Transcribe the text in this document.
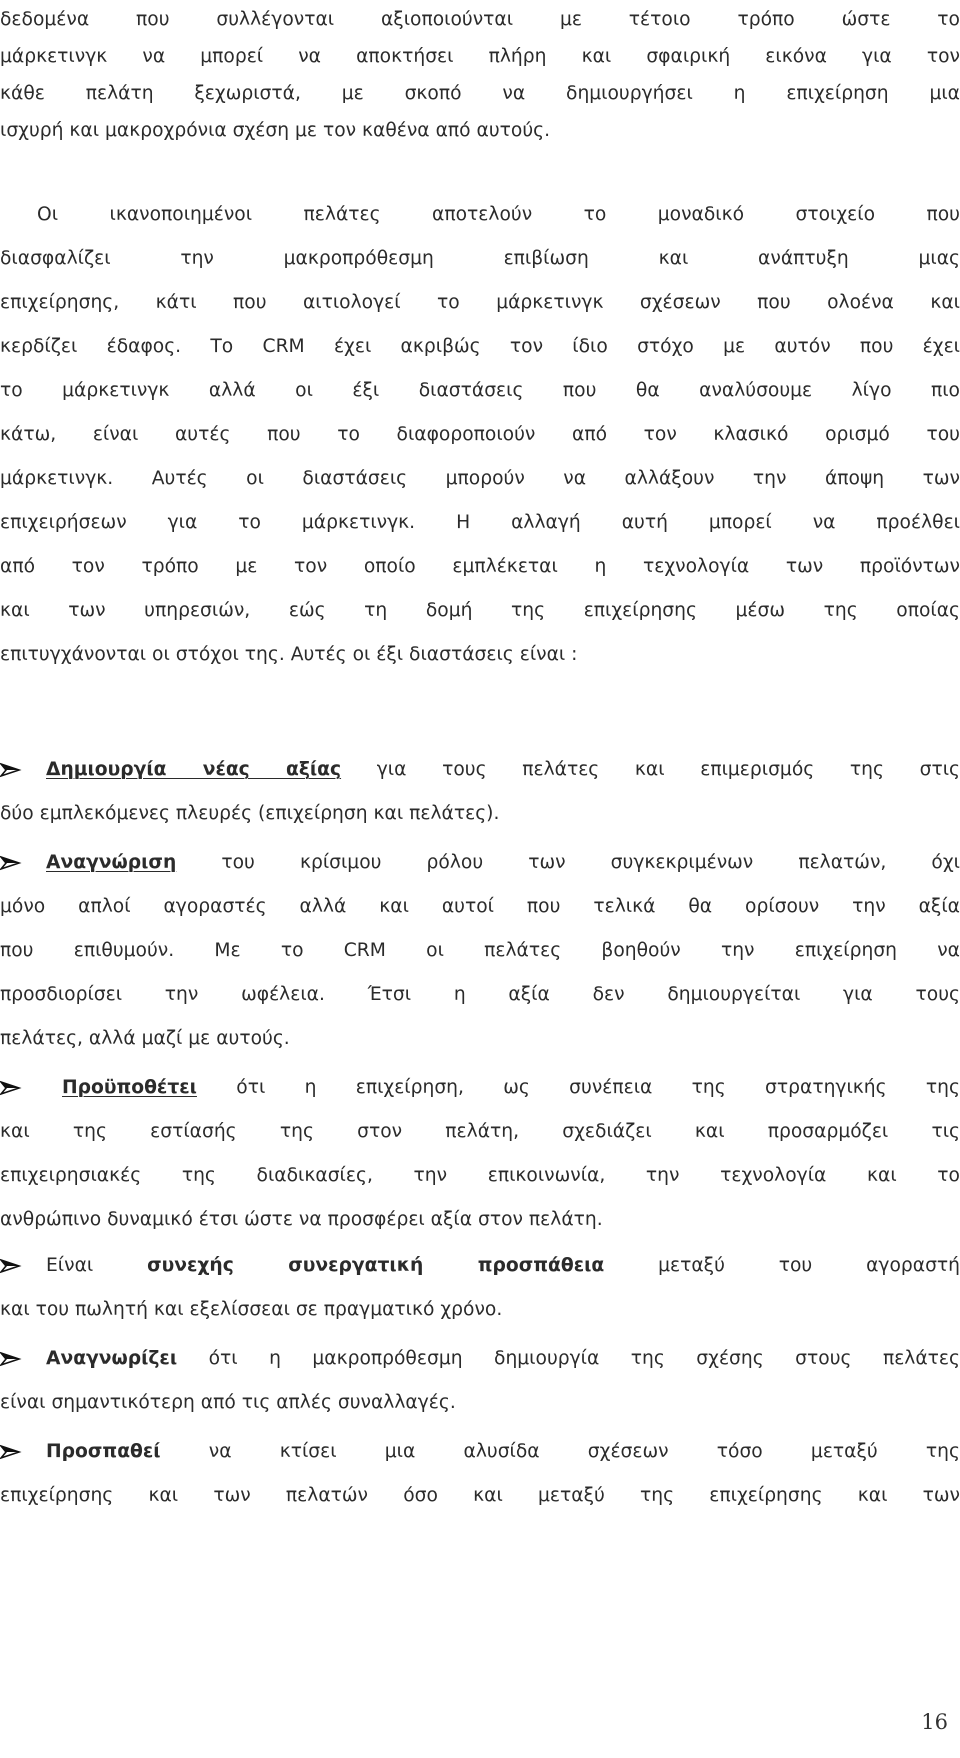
δεδομένα που συλλέγονται αξιοποιούνται με τέτοιο τρόπο ώστε το
μάρκετινγκ να μπορεί να αποκτήσει πλήρη και σφαιρική εικόνα για τον
κάθε πελάτη ξεχωριστά, με σκοπό να δημιουργήσει η επιχείρηση μια
ισχυρή και μακροχρόνια σχέση με τον καθένα από αυτούς.
Οι ικανοποιημένοι πελάτες αποτελούν το μοναδικό στοιχείο που
διασφαλίζει την μακροπρόθεσμη επιβίωση και ανάπτυξη μιας
επιχείρησης, κάτι που αιτιολογεί το μάρκετινγκ σχέσεων που ολοένα και
κερδίζει έδαφος. Το CRM έχει ακριβώς τον ίδιο στόχο με αυτόν που έχει
το μάρκετινγκ αλλά οι έξι διαστάσεις που θα αναλύσουμε λίγο πιο
κάτω, είναι αυτές που το διαφοροποιούν από τον κλασικό ορισμό του
μάρκετινγκ. Αυτές οι διαστάσεις μπορούν να αλλάξουν την άποψη των
επιχειρήσεων για το μάρκετινγκ. Η αλλαγή αυτή μπορεί να προέλθει
από τον τρόπο με τον οποίο εμπλέκεται η τεχνολογία των προϊόντων
και των υπηρεσιών, εώς τη δομή της επιχείρησης μέσω της οποίας
επιτυγχάνονται οι στόχοι της. Αυτές οι έξι διαστάσεις είναι :
Δημιουργία νέας αξίας για τους πελάτες και επιμερισμός της στις
δύο εμπλεκόμενες πλευρές (επιχείρηση και πελάτες).
Αναγνώριση του κρίσιμου ρόλου των συγκεκριμένων πελατών, όχι
μόνο απλοί αγοραστές αλλά και αυτοί που τελικά θα ορίσουν την αξία
που επιθυμούν. Με το CRM οι πελάτες βοηθούν την επιχείρηση να
προσδιορίσει την ωφέλεια. Έτσι η αξία δεν δημιουργείται για τους
πελάτες, αλλά μαζί με αυτούς.
Προϋποθέτει ότι η επιχείρηση, ως συνέπεια της στρατηγικής της
και της εστίασής της στον πελάτη, σχεδιάζει και προσαρμόζει τις
επιχειρησιακές της διαδικασίες, την επικοινωνία, την τεχνολογία και το
ανθρώπινο δυναμικό έτσι ώστε να προσφέρει αξία στον πελάτη.
Είναι συνεχής συνεργατική προσπάθεια μεταξύ του αγοραστή
και του πωλητή και εξελίσσεαι σε πραγματικό χρόνο.
Αναγνωρίζει ότι η μακροπρόθεσμη δημιουργία της σχέσης στους πελάτες
είναι σημαντικότερη από τις απλές συναλλαγές.
Προσπαθεί να κτίσει μια αλυσίδα σχέσεων τόσο μεταξύ της
επιχείρησης και των πελατών όσο και μεταξύ της επιχείρησης και των
16
